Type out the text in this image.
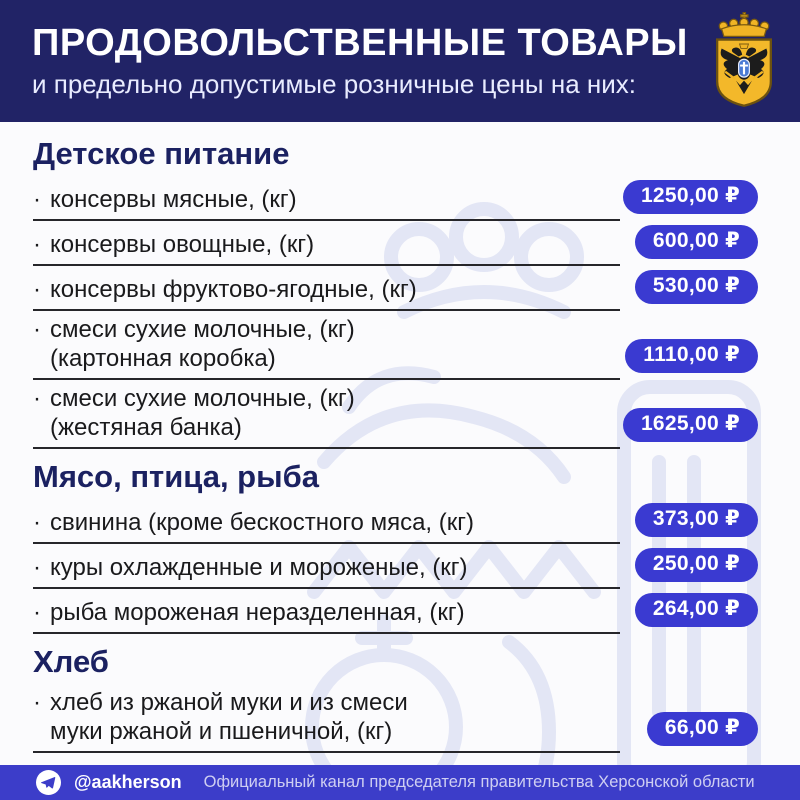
ПРОДОВОЛЬСТВЕННЫЕ ТОВАРЫ
и предельно допустимые розничные цены на них:
Детское питание
· консервы мясные, (кг)	1250,00 ₽
· консервы овощные, (кг)	600,00 ₽
· консервы фруктово-ягодные, (кг)	530,00 ₽
· смеси сухие молочные, (кг)
(картонная коробка)	1110,00 ₽
· смеси сухие молочные, (кг)
(жестяная банка)	1625,00 ₽
Мясо, птица, рыба
· свинина (кроме бескостного мяса, (кг)	373,00 ₽
· куры охлажденные и мороженые, (кг)	250,00 ₽
· рыба мороженая неразделенная, (кг)	264,00 ₽
Хлеб
· хлеб из ржаной муки и из смеси
муки ржаной и пшеничной, (кг)	66,00 ₽
@aakherson Официальный канал председателя правительства Херсонской области
